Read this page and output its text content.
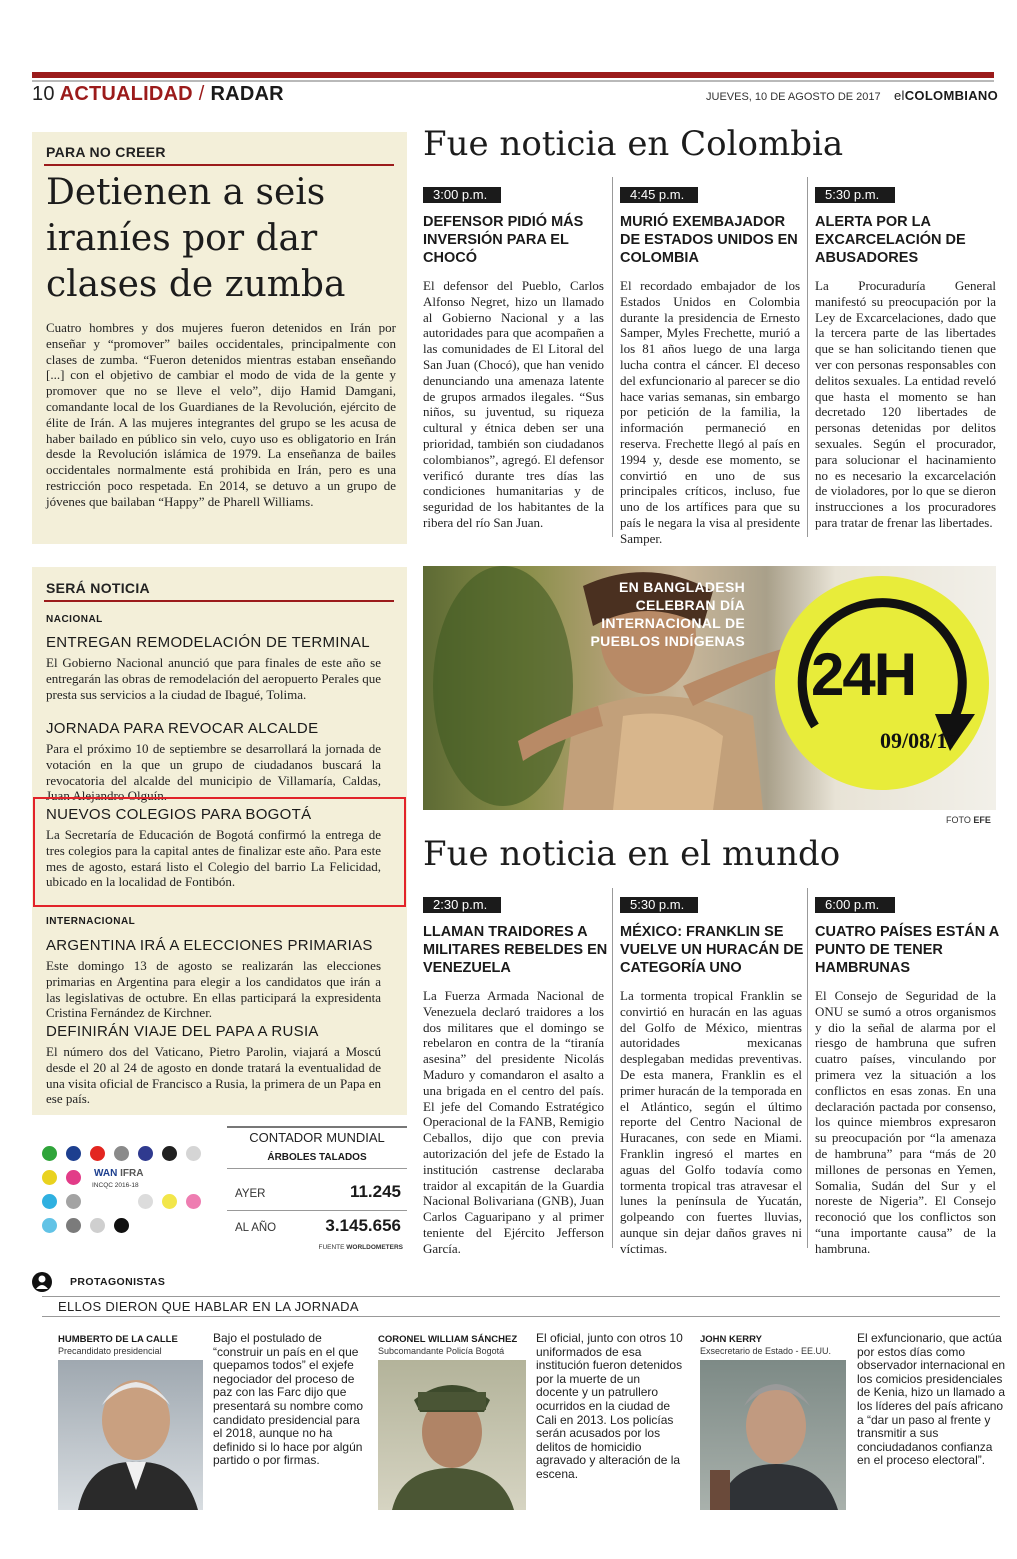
10 ACTUALIDAD / RADAR	JUEVES, 10 DE AGOSTO DE 2017 elCOLOMBIANO
PARA NO CREER
Detienen a seis iraníes por dar clases de zumba
Cuatro hombres y dos mujeres fueron detenidos en Irán por enseñar y “promover” bailes occidentales, principalmente con clases de zumba. “Fueron detenidos mientras estaban enseñando [...] con el objetivo de cambiar el modo de vida de la gente y promover que no se lleve el velo”, dijo Hamid Damgani, comandante local de los Guardianes de la Revolución, ejército de élite de Irán. A las mujeres integrantes del grupo se les acusa de haber bailado en público sin velo, cuyo uso es obligatorio en Irán desde la Revolución islámica de 1979. La enseñanza de bailes occidentales normalmente está prohibida en Irán, pero es una restricción poco respetada. En 2014, se detuvo a un grupo de jóvenes que bailaban “Happy” de Pharell Williams.
Fue noticia en Colombia
3:00 p.m.
DEFENSOR PIDIÓ MÁS INVERSIÓN PARA EL CHOCÓ
El defensor del Pueblo, Carlos Alfonso Negret, hizo un llamado al Gobierno Nacional y a las autoridades para que acompañen a las comunidades de El Litoral del San Juan (Chocó), que han venido denunciando una amenaza latente de grupos armados ilegales. “Sus niños, su juventud, su riqueza cultural y étnica deben ser una prioridad, también son ciudadanos colombianos”, agregó. El defensor verificó durante tres días las condiciones humanitarias y de seguridad de los habitantes de la ribera del río San Juan.
4:45 p.m.
MURIÓ EXEMBAJADOR DE ESTADOS UNIDOS EN COLOMBIA
El recordado embajador de los Estados Unidos en Colombia durante la presidencia de Ernesto Samper, Myles Frechette, murió a los 81 años luego de una larga lucha contra el cáncer. El deceso del exfuncionario al parecer se dio hace varias semanas, sin embargo por petición de la familia, la información permaneció en reserva. Frechette llegó al país en 1994 y, desde ese momento, se convirtió en uno de sus principales críticos, incluso, fue uno de los artífices para que su país le negara la visa al presidente Samper.
5:30 p.m.
ALERTA POR LA EXCARCELACIÓN DE ABUSADORES
La Procuraduría General manifestó su preocupación por la Ley de Excarcelaciones, dado que la tercera parte de las libertades que se han solicitando tienen que ver con personas responsables con delitos sexuales. La entidad reveló que hasta el momento se han decretado 120 libertades de personas detenidas por delitos sexuales. Según el procurador, para solucionar el hacinamiento no es necesario la excarcelación de violadores, por lo que se dieron instrucciones a los procuradores para tratar de frenar las libertades.
SERÁ NOTICIA
NACIONAL
ENTREGAN REMODELACIÓN DE TERMINAL
El Gobierno Nacional anunció que para finales de este año se entregarán las obras de remodelación del aeropuerto Perales que presta sus servicios a la ciudad de Ibagué, Tolima.
JORNADA PARA REVOCAR ALCALDE
Para el próximo 10 de septiembre se desarrollará la jornada de votación en la que un grupo de ciudadanos buscará la revocatoria del alcalde del municipio de Villamaría, Caldas, Juan Alejandro Olguín.
NUEVOS COLEGIOS PARA BOGOTÁ
La Secretaría de Educación de Bogotá confirmó la entrega de tres colegios para la capital antes de finalizar este año. Para este mes de agosto, estará listo el Colegio del barrio La Felicidad, ubicado en la localidad de Fontibón.
INTERNACIONAL
ARGENTINA IRÁ A ELECCIONES PRIMARIAS
Este domingo 13 de agosto se realizarán las elecciones primarias en Argentina para elegir a los candidatos que irán a las legislativas de octubre. En ellas participará la expresidenta Cristina Fernández de Kirchner.
DEFINIRÁN VIAJE DEL PAPA A RUSIA
El número dos del Vaticano, Pietro Parolin, viajará a Moscú desde el 20 al 24 de agosto en donde tratará la eventualidad de una visita oficial de Francisco a Rusia, la primera de un Papa en ese país.
EN BANGLADESH CELEBRAN DÍA INTERNACIONAL DE PUEBLOS INDÍGENAS 24H
09/08/17
FOTO EFE
Fue noticia en el mundo
2:30 p.m.
LLAMAN TRAIDORES A MILITARES REBELDES EN VENEZUELA
La Fuerza Armada Nacional de Venezuela declaró traidores a los dos militares que el domingo se rebelaron en contra de la “tiranía asesina” del presidente Nicolás Maduro y comandaron el asalto a una brigada en el centro del país. El jefe del Comando Estratégico Operacional de la FANB, Remigio Ceballos, dijo que con previa autorización del jefe de Estado la institución castrense declaraba traidor al excapitán de la Guardia Nacional Bolivariana (GNB), Juan Carlos Caguaripano y al primer teniente del Ejército Jefferson García.
5:30 p.m.
MÉXICO: FRANKLIN SE VUELVE UN HURACÁN DE CATEGORÍA UNO
La tormenta tropical Franklin se convirtió en huracán en las aguas del Golfo de México, mientras autoridades mexicanas desplegaban medidas preventivas. De esta manera, Franklin es el primer huracán de la temporada en el Atlántico, según el último reporte del Centro Nacional de Huracanes, con sede en Miami. Franklin ingresó el martes en aguas del Golfo todavía como tormenta tropical tras atravesar el lunes la península de Yucatán, golpeando con fuertes lluvias, aunque sin dejar daños graves ni víctimas.
6:00 p.m.
CUATRO PAÍSES ESTÁN A PUNTO DE TENER HAMBRUNAS
El Consejo de Seguridad de la ONU se sumó a otros organismos y dio la señal de alarma por el riesgo de hambruna que sufren cuatro países, vinculando por primera vez la situación a los conflictos en esas zonas. En una declaración pactada por consenso, los quince miembros expresaron su preocupación por “la amenaza de hambruna” para “más de 20 millones de personas en Yemen, Somalia, Sudán del Sur y el noreste de Nigeria”. El Consejo reconoció que los conflictos son “una importante causa” de la hambruna.
WAN IFRA
INCQC 2016-18
CONTADOR MUNDIAL
ÁRBOLES TALADOS
AYER	11.245
AL AÑO	3.145.656
FUENTE WORLDOMETERS
PROTAGONISTAS
ELLOS DIERON QUE HABLAR EN LA JORNADA
HUMBERTO DE LA CALLE
Precandidato presidencial
Bajo el postulado de “construir un país en el que quepamos todos” el exjefe negociador del proceso de paz con las Farc dijo que presentará su nombre como candidato presidencial para el 2018, aunque no ha definido si lo hace por algún partido o por firmas.
CORONEL WILLIAM SÁNCHEZ
Subcomandante Policía Bogotá
El oficial, junto con otros 10 uniformados de esa institución fueron detenidos por la muerte de un docente y un patrullero ocurridos en la ciudad de Cali en 2013. Los policías serán acusados por los delitos de homicidio agravado y alteración de la escena.
JOHN KERRY
Exsecretario de Estado - EE.UU.
El exfuncionario, que actúa por estos días como observador internacional en los comicios presidenciales de Kenia, hizo un llamado a los líderes del país africano a “dar un paso al frente y transmitir a sus conciudadanos confianza en el proceso electoral”.
